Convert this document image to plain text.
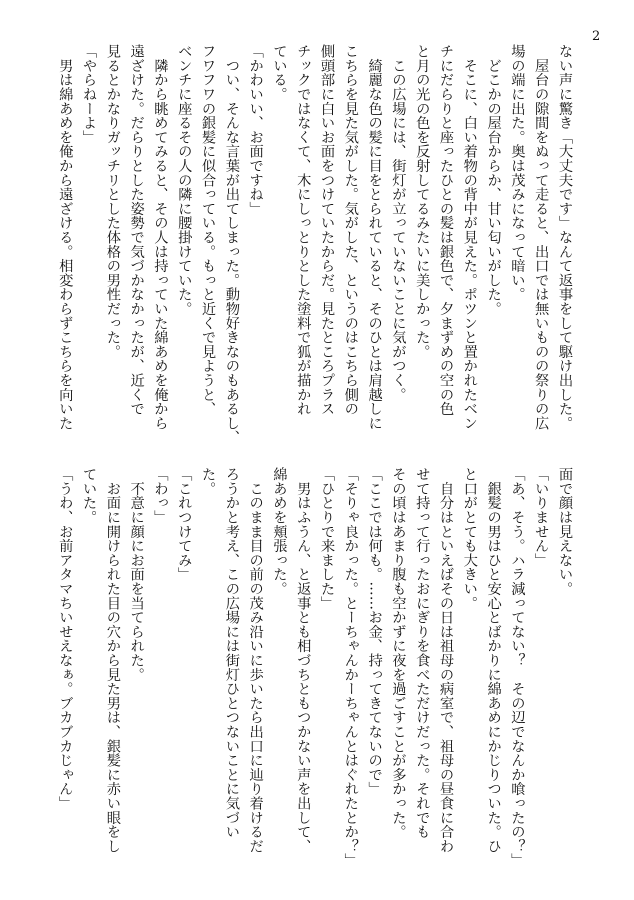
2
ない声に驚き「大丈夫です」なんて返事をして駆け出した。
　屋台の隙間をぬって走ると、出口では無いものの祭りの広
場の端に出た。奥は茂みになって暗い。
　どこかの屋台からか、甘い匂いがした。
　そこに、白い着物の背中が見えた。ポツンと置かれたベン
チにだらりと座ったひとの髪は銀色で、夕まずめの空の色
と月の光の色を反射してるみたいに美しかった。
　この広場には、街灯が立っていないことに気がつく。
　綺麗な色の髪に目をとられていると、そのひとは肩越しに
こちらを見た気がした。気がした、というのはこちら側の
側頭部に白いお面をつけていたからだ。見たところプラス
チックではなくて、木にしっとりとした塗料で狐が描かれ
ている。
「かわいい、お面ですね」
　つい、そんな言葉が出てしまった。動物好きなのもあるし、
フワフワの銀髪に似合っている。もっと近くで見ようと、
ベンチに座るその人の隣に腰掛けていた。
　隣から眺めてみると、その人は持っていた綿あめを俺から
遠ざけた。だらりとした姿勢で気づかなかったが、近くで
見るとかなりガッチリとした体格の男性だった。
「やらねーよ」
　男は綿あめを俺から遠ざける。相変わらずこちらを向いた
面で顔は見えない。
「いりません」
「あ、そう。ハラ減ってない？　その辺でなんか喰ったの？」
　銀髪の男はひと安心とばかりに綿あめにかじりついた。ひ
と口がとても大きい。
　自分はといえばその日は祖母の病室で、祖母の昼食に合わ
せて持って行ったおにぎりを食べただけだった。それでも
その頃はあまり腹も空かずに夜を過ごすことが多かった。
「ここでは何も。……お金、持ってきてないので」
「そりゃ良かった。とーちゃんかーちゃんとはぐれたとか？」
「ひとりで来ました」
　男はふうん、と返事とも相づちともつかない声を出して、
綿あめを頬張った。
　このまま目の前の茂み沿いに歩いたら出口に辿り着けるだ
ろうかと考え、この広場には街灯ひとつないことに気づい
た。
「これつけてみ」
「わっ」
　不意に顔にお面を当てられた。
　お面に開けられた目の穴から見た男は、銀髪に赤い眼をし
ていた。
「うわ、お前アタマちいせえなぁ。ブカブカじゃん」
